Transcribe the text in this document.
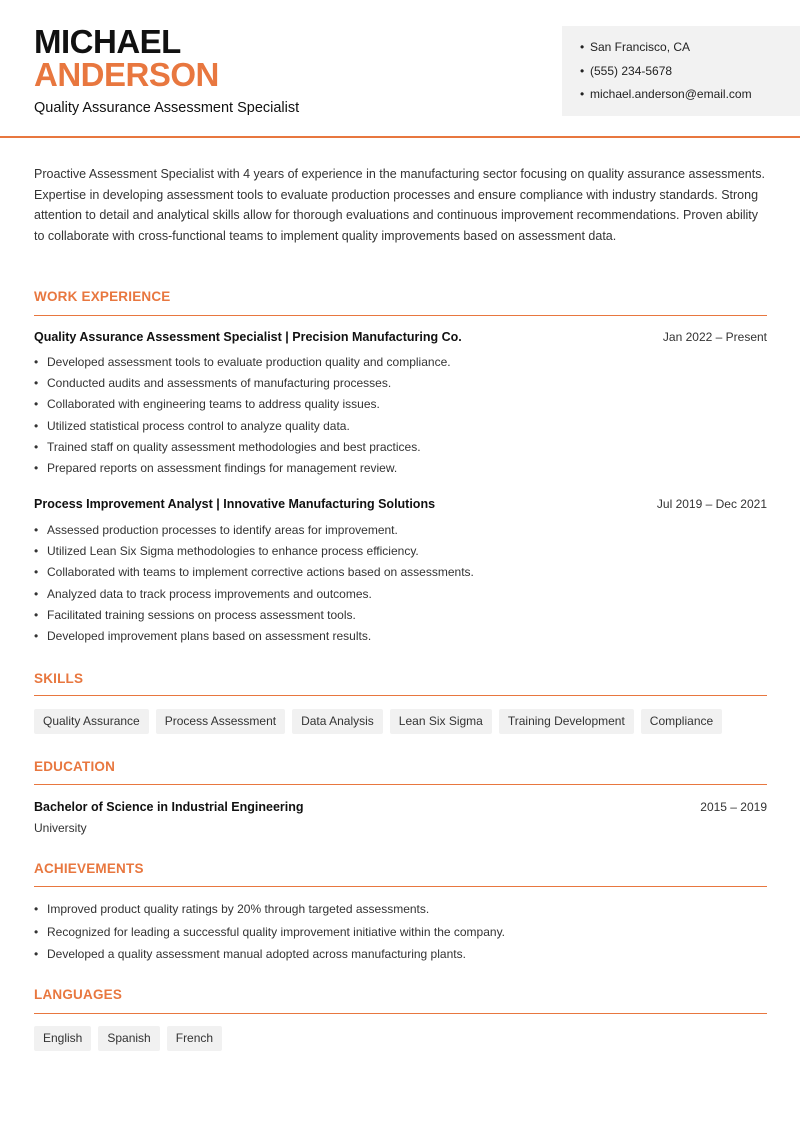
MICHAEL
ANDERSON
Quality Assurance Assessment Specialist
• San Francisco, CA
• (555) 234-5678
• michael.anderson@email.com

Proactive Assessment Specialist with 4 years of experience in the manufacturing sector focusing on quality assurance assessments. Expertise in developing assessment tools to evaluate production processes and ensure compliance with industry standards. Strong attention to detail and analytical skills allow for thorough evaluations and continuous improvement recommendations. Proven ability to collaborate with cross-functional teams to implement quality improvements based on assessment data.

WORK EXPERIENCE
Quality Assurance Assessment Specialist | Precision Manufacturing Co.	Jan 2022 – Present
• Developed assessment tools to evaluate production quality and compliance.
• Conducted audits and assessments of manufacturing processes.
• Collaborated with engineering teams to address quality issues.
• Utilized statistical process control to analyze quality data.
• Trained staff on quality assessment methodologies and best practices.
• Prepared reports on assessment findings for management review.
Process Improvement Analyst | Innovative Manufacturing Solutions	Jul 2019 – Dec 2021
• Assessed production processes to identify areas for improvement.
• Utilized Lean Six Sigma methodologies to enhance process efficiency.
• Collaborated with teams to implement corrective actions based on assessments.
• Analyzed data to track process improvements and outcomes.
• Facilitated training sessions on process assessment tools.
• Developed improvement plans based on assessment results.
SKILLS
Quality Assurance	Process Assessment	Data Analysis	Lean Six Sigma	Training Development	Compliance
EDUCATION
Bachelor of Science in Industrial Engineering	2015 – 2019
University
ACHIEVEMENTS
• Improved product quality ratings by 20% through targeted assessments.
• Recognized for leading a successful quality improvement initiative within the company.
• Developed a quality assessment manual adopted across manufacturing plants.
LANGUAGES
English	Spanish	French
